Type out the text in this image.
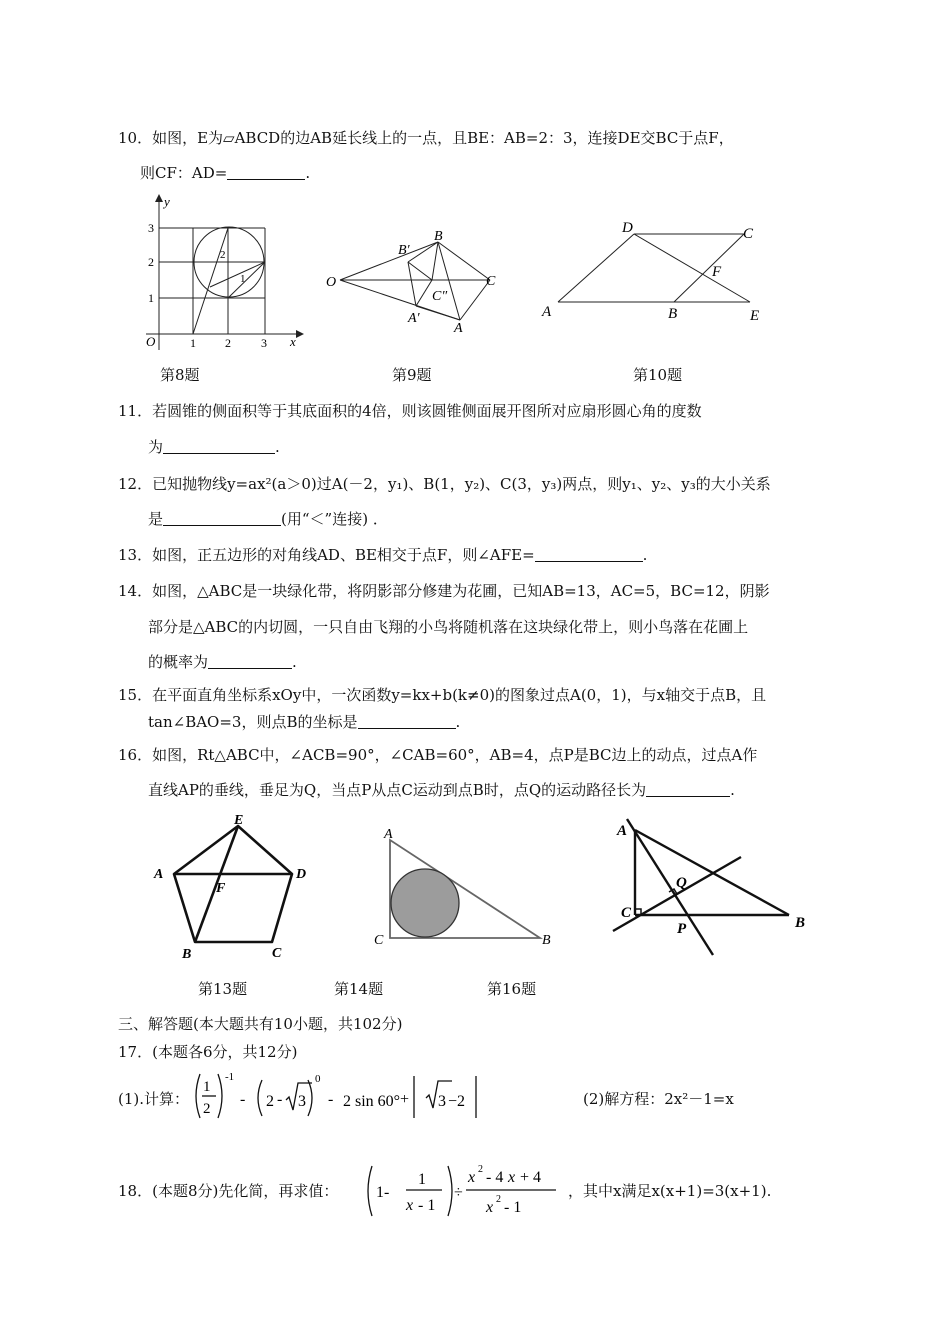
10．如图，E为▱ABCD的边AB延长线上的一点，且BE：AB=2：3，连接DE交BC于点F，
则CF：AD=	.
y
x
O	1 2	3
1
2
3
2
1	O
B′
B
C
C″
A′
A
D	C
F
A	B	E
第8题	第9题	第10题
11．若圆锥的侧面积等于其底面积的4倍，则该圆锥侧面展开图所对应扇形圆心角的度数
为	.
12．已知抛物线y=ax²(a＞0)过A(－2，y₁)、B(1，y₂)、C(3，y₃)两点，则y₁、y₂、y₃的大小关系
是	(用“＜”连接) ．
13．如图，正五边形的对角线AD、BE相交于点F，则∠AFE=	.
14．如图，△ABC是一块绿化带，将阴影部分修建为花圃，已知AB=13，AC=5，BC=12，阴影
部分是△ABC的内切圆，一只自由飞翔的小鸟将随机落在这块绿化带上，则小鸟落在花圃上
的概率为	.
15．在平面直角坐标系xOy中，一次函数y=kx+b(k≠0)的图象过点A(0，1)，与x轴交于点B，且
tan∠BAO=3，则点B的坐标是	.
16．如图，Rt△ABC中，∠ACB=90°，∠CAB=60°，AB=4，点P是BC边上的动点，过点A作
直线AP的垂线，垂足为Q，当点P从点C运动到点B时，点Q的运动路径长为	.
E
A	D
F
B	C
A
C	B
A
Q
C
P	B
第13题	第14题	第16题
三、解答题(本大题共有10小题，共102分)
17．(本题各6分，共12分)
(1).计算：
1
2
-1
- 2 - 3
0
- 2 sin 60° + 3 −2	(2)解方程：2x²－1=x
18．(本题8分)先化简，再求值： 1-
1
x - 1
÷
x 2 - 4 x + 4
x 2 - 1
，其中x满足x(x+1)=3(x+1).
